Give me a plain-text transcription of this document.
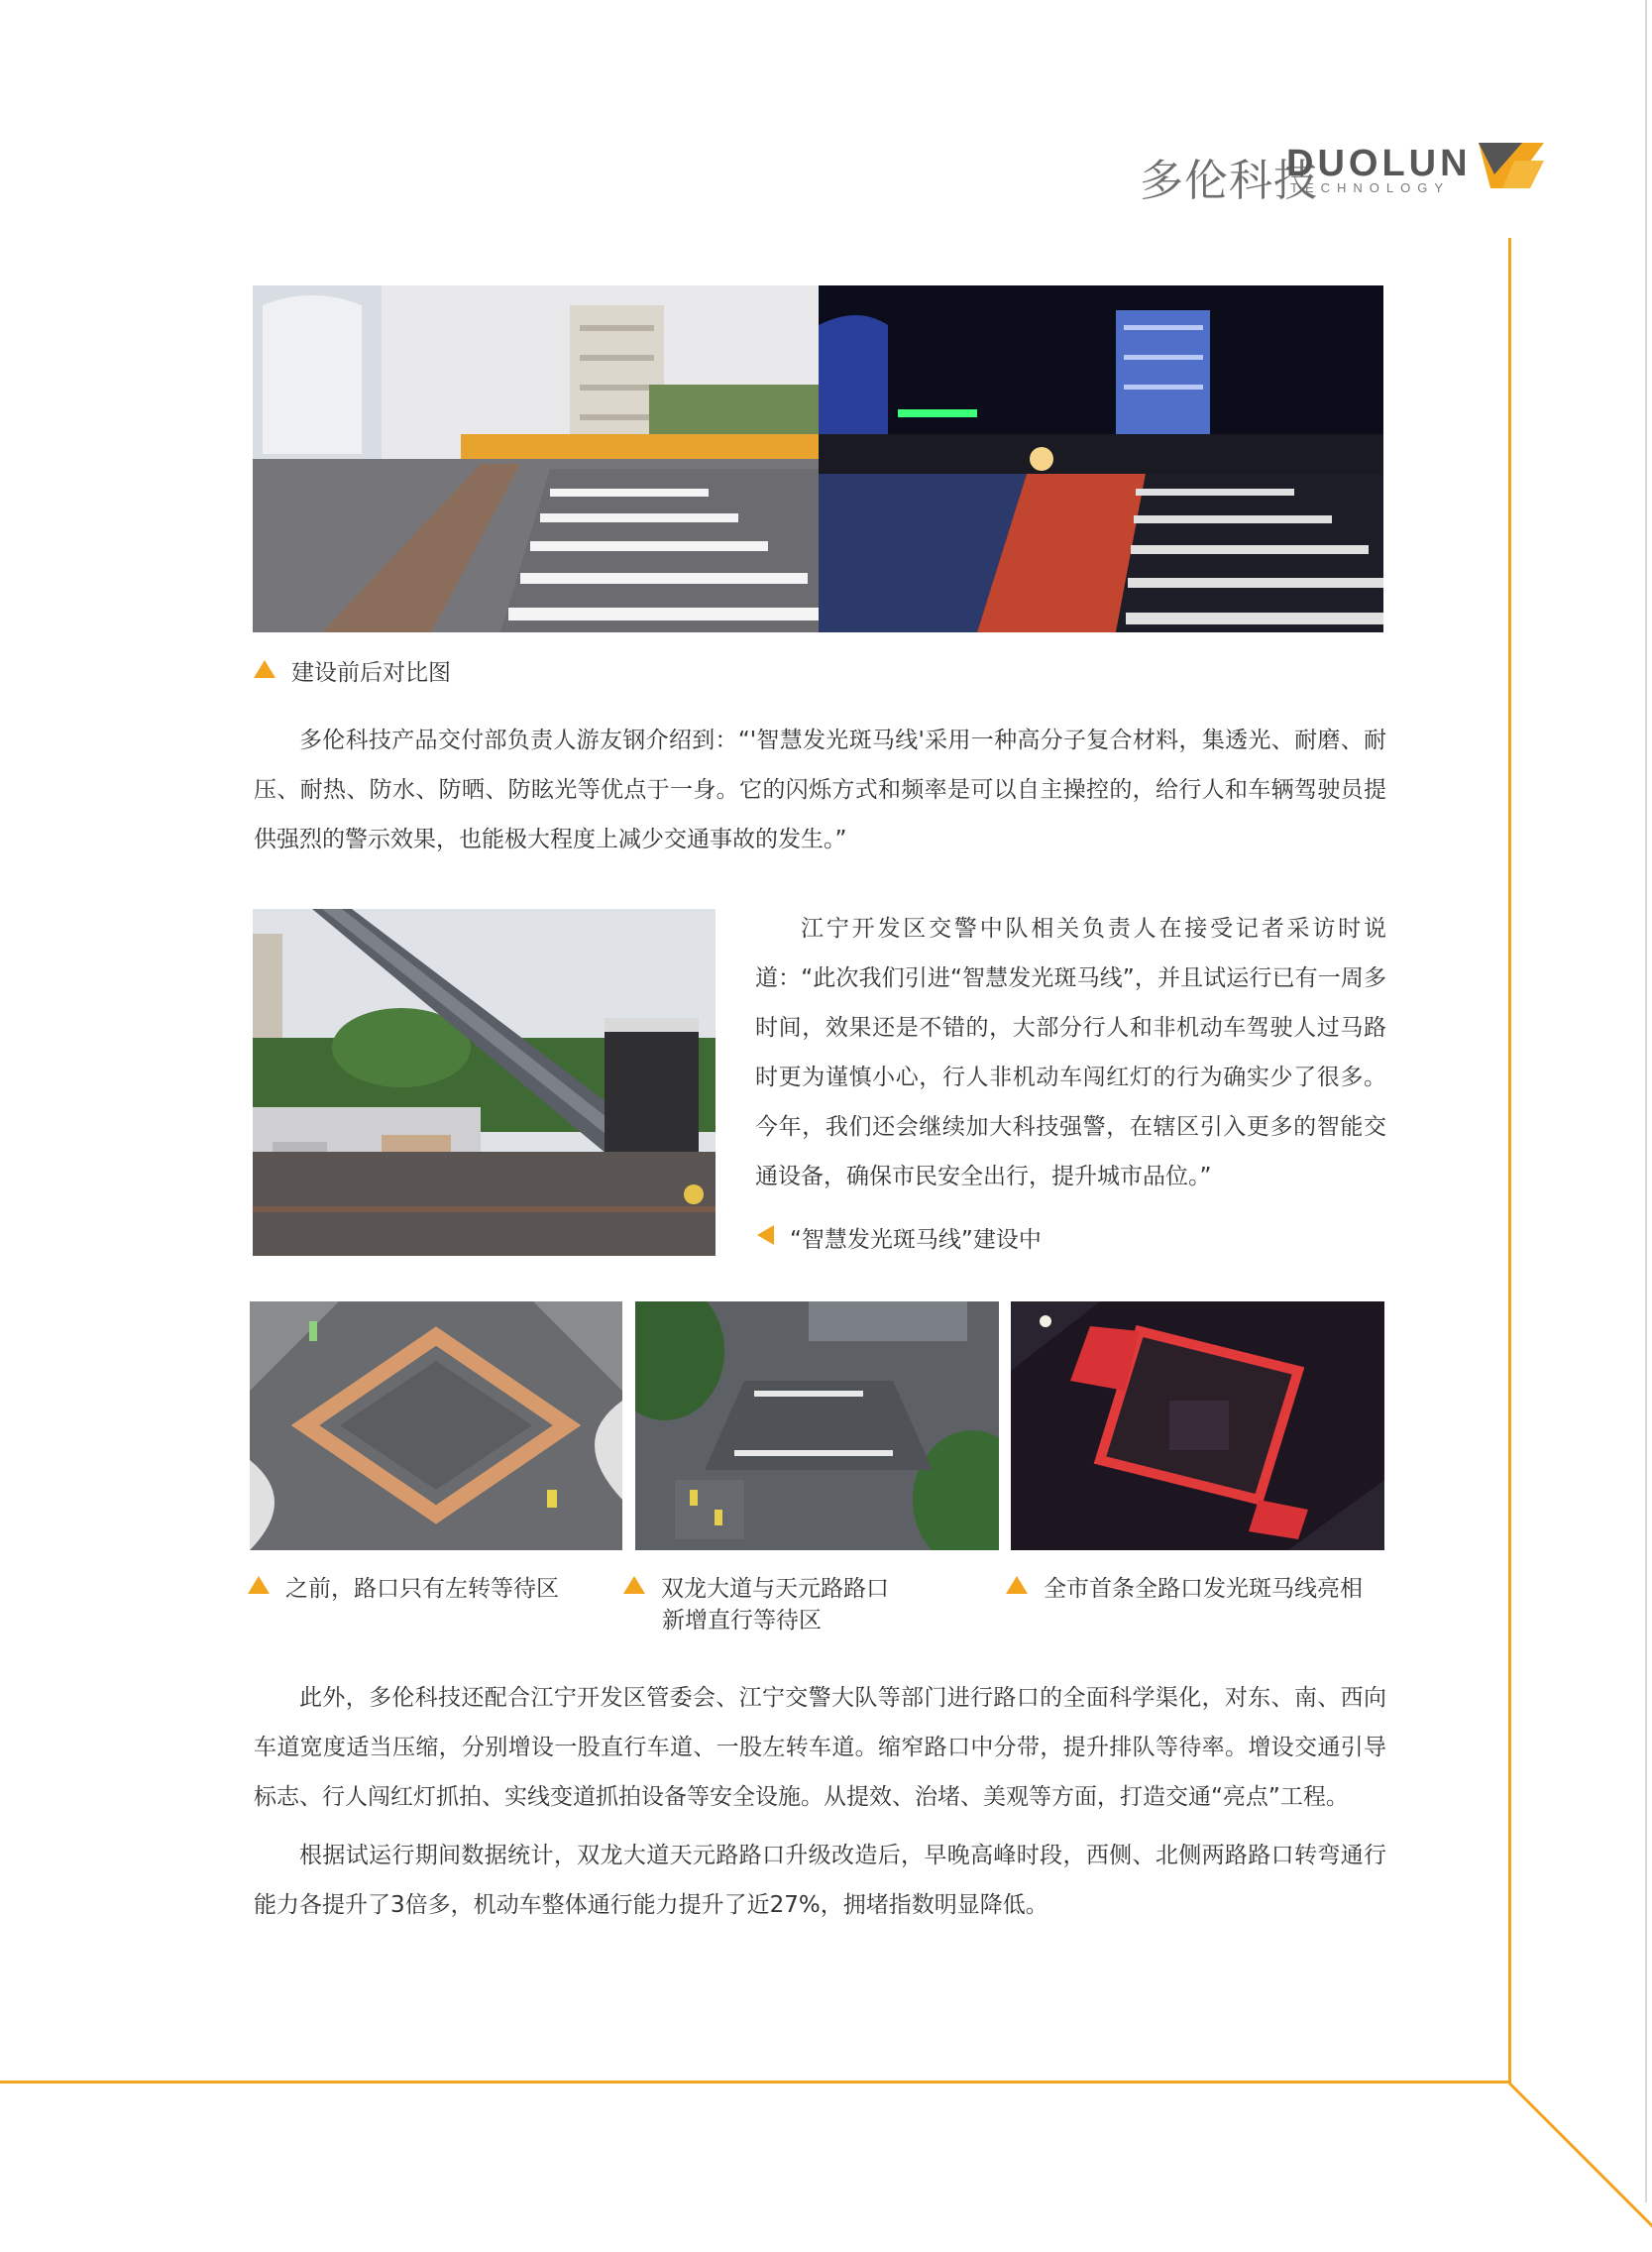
多伦科技
DUOLUN
TECHNOLOGY
建设前后对比图
多伦科技产品交付部负责人游友钢介绍到：“'智慧发光斑马线'采用一种高分子复合材料，集透光、耐磨、耐压、耐热、防水、防晒、防眩光等优点于一身。它的闪烁方式和频率是可以自主操控的，给行人和车辆驾驶员提供强烈的警示效果，也能极大程度上减少交通事故的发生。”
江宁开发区交警中队相关负责人在接受记者采访时说道：“此次我们引进“智慧发光斑马线”，并且试运行已有一周多时间，效果还是不错的，大部分行人和非机动车驾驶人过马路时更为谨慎小心，行人非机动车闯红灯的行为确实少了很多。今年，我们还会继续加大科技强警，在辖区引入更多的智能交通设备，确保市民安全出行，提升城市品位。”
“智慧发光斑马线”建设中
之前，路口只有左转等待区	双龙大道与天元路路口
新增直行等待区
全市首条全路口发光斑马线亮相
此外，多伦科技还配合江宁开发区管委会、江宁交警大队等部门进行路口的全面科学渠化，对东、南、西向车道宽度适当压缩，分别增设一股直行车道、一股左转车道。缩窄路口中分带，提升排队等待率。增设交通引导标志、行人闯红灯抓拍、实线变道抓拍设备等安全设施。从提效、治堵、美观等方面，打造交通“亮点”工程。
根据试运行期间数据统计，双龙大道天元路路口升级改造后，早晚高峰时段，西侧、北侧两路路口转弯通行能力各提升了3倍多，机动车整体通行能力提升了近27%，拥堵指数明显降低。
